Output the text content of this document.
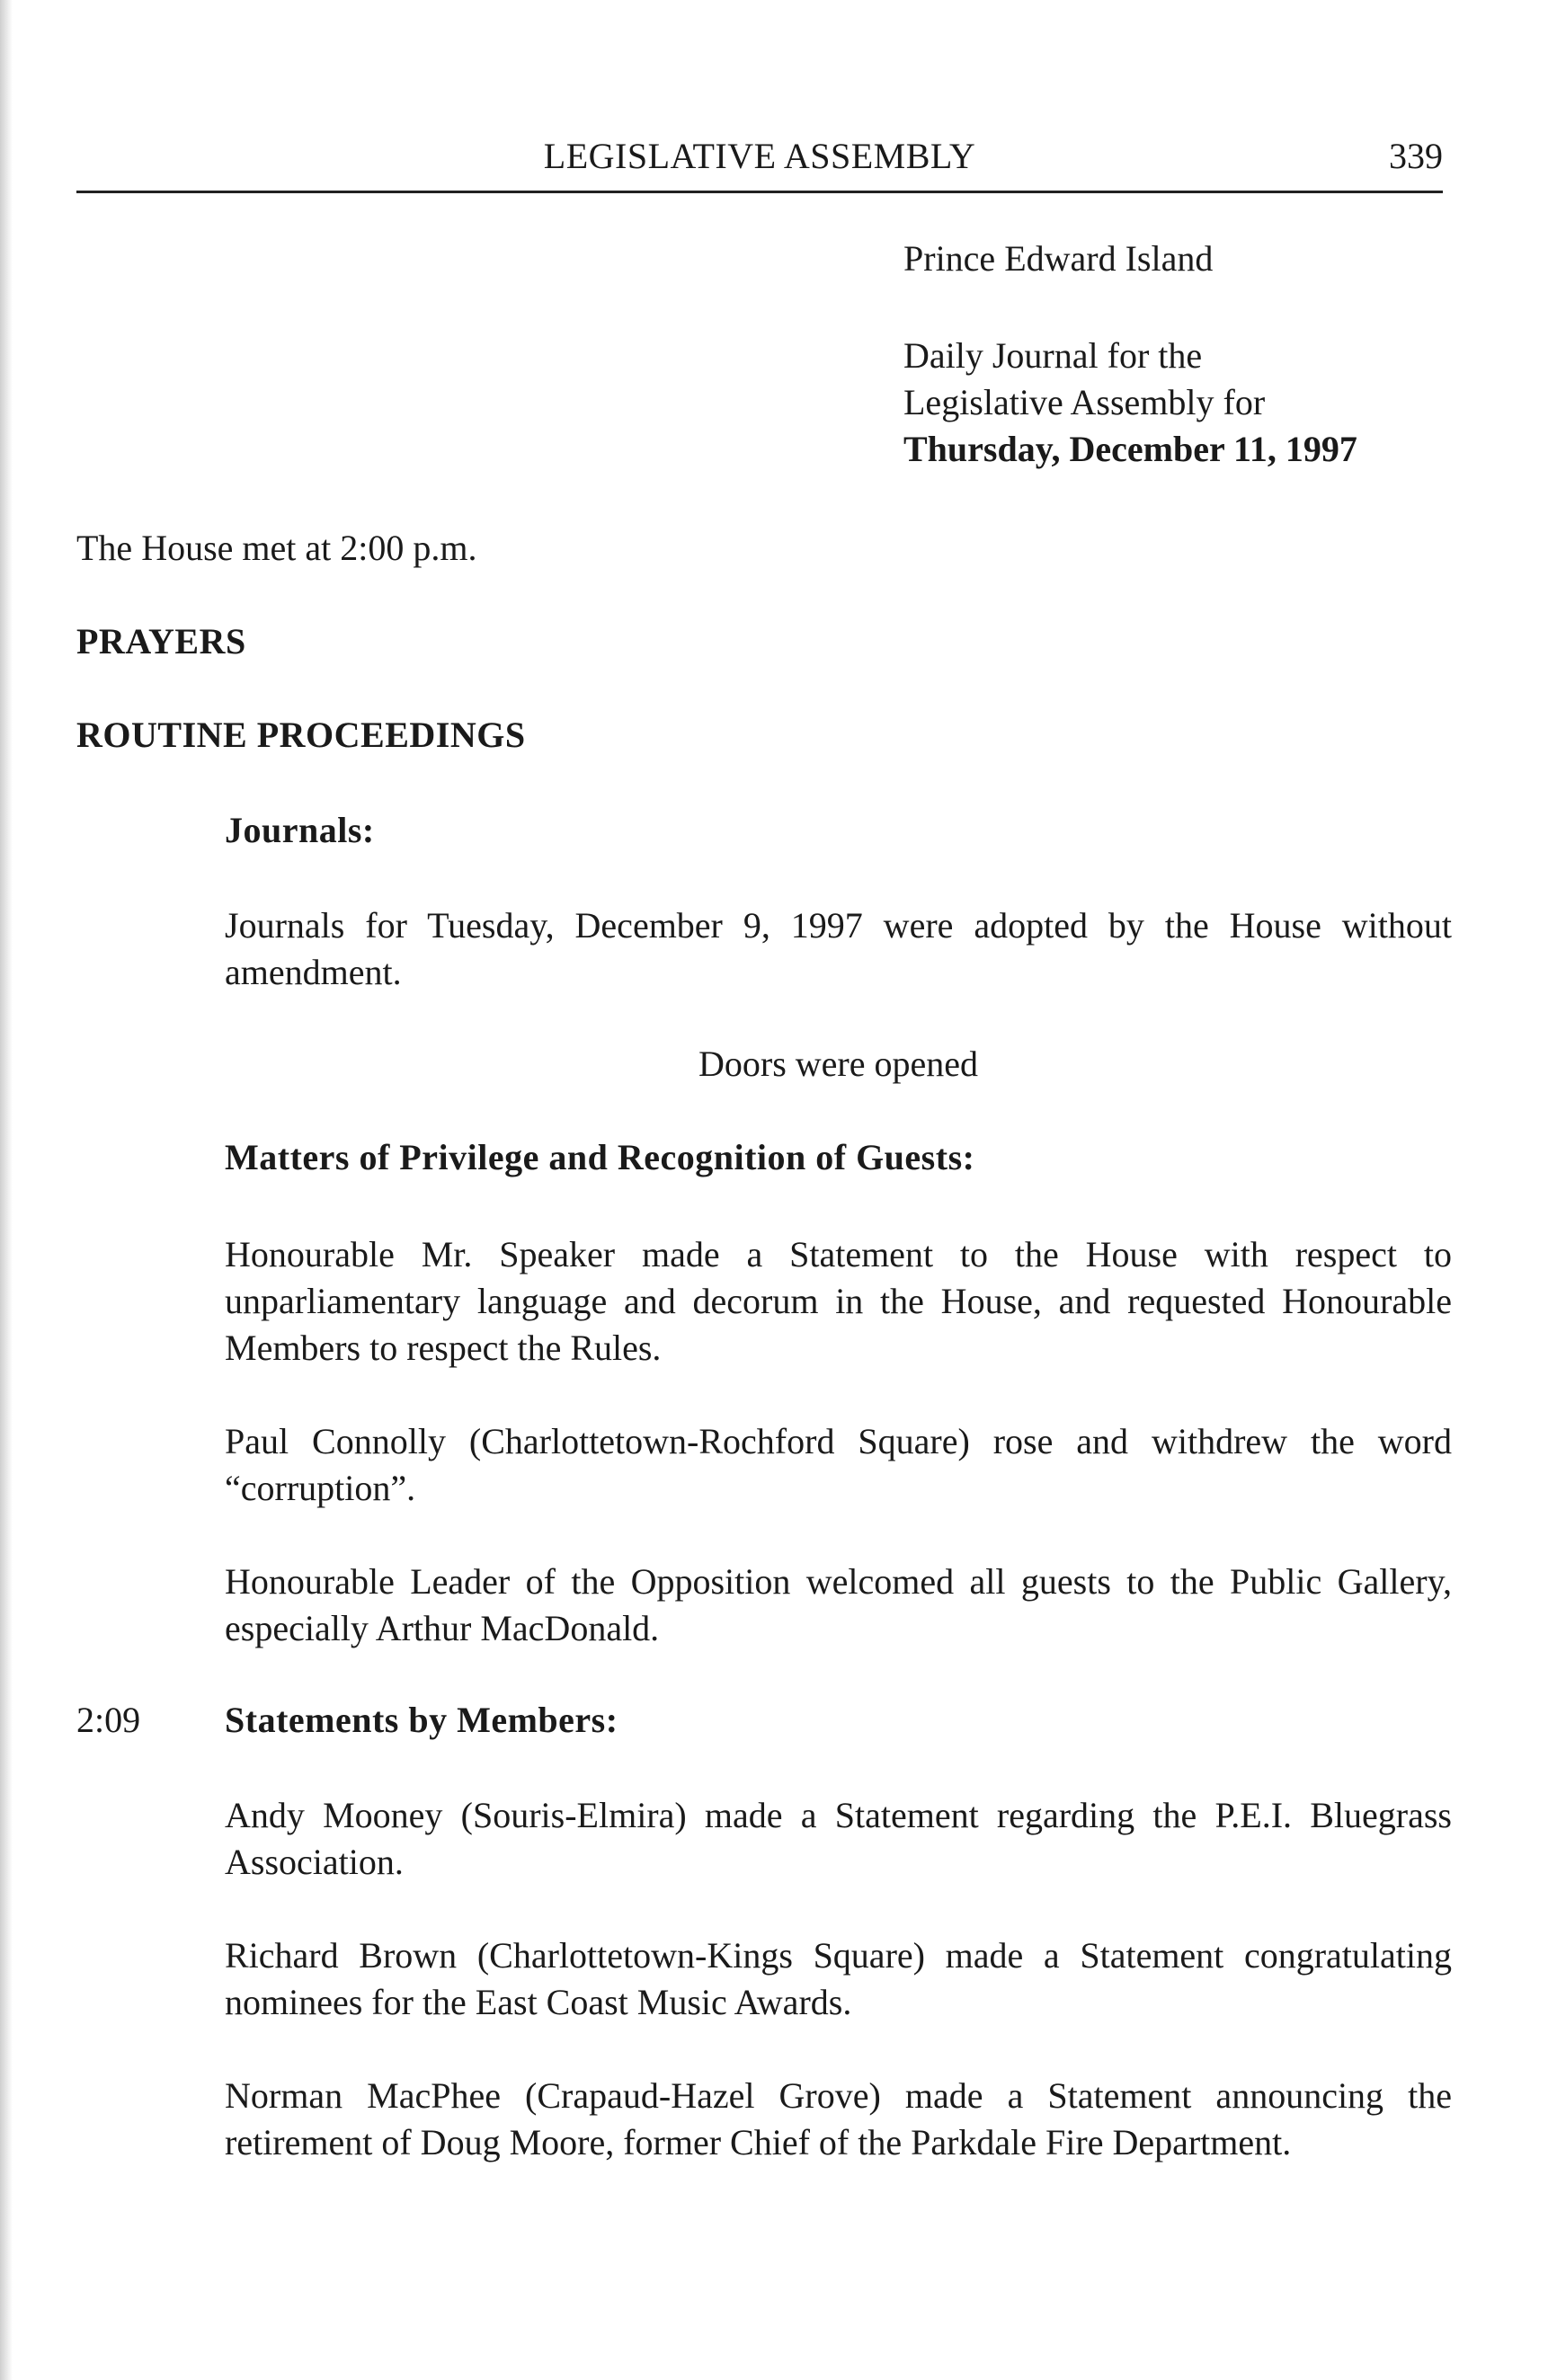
LEGISLATIVE ASSEMBLY	339
Prince Edward Island
Daily Journal for the
Legislative Assembly for
Thursday, December 11, 1997
The House met at 2:00 p.m.
PRAYERS
ROUTINE PROCEEDINGS
Journals:
Journals for Tuesday, December 9, 1997 were adopted by the House without amendment.
Doors were opened
Matters of Privilege and Recognition of Guests:
Honourable Mr. Speaker made a Statement to the House with respect to unparliamentary language and decorum in the House, and requested Honourable Members to respect the Rules.
Paul Connolly (Charlottetown-Rochford Square) rose and withdrew the word “corruption”.
Honourable Leader of the Opposition welcomed all guests to the Public Gallery, especially Arthur MacDonald.
2:09 Statements by Members:
Andy Mooney (Souris-Elmira) made a Statement regarding the P.E.I. Bluegrass Association.
Richard Brown (Charlottetown-Kings Square) made a Statement congratulating nominees for the East Coast Music Awards.
Norman MacPhee (Crapaud-Hazel Grove) made a Statement announcing the retirement of Doug Moore, former Chief of the Parkdale Fire Department.
